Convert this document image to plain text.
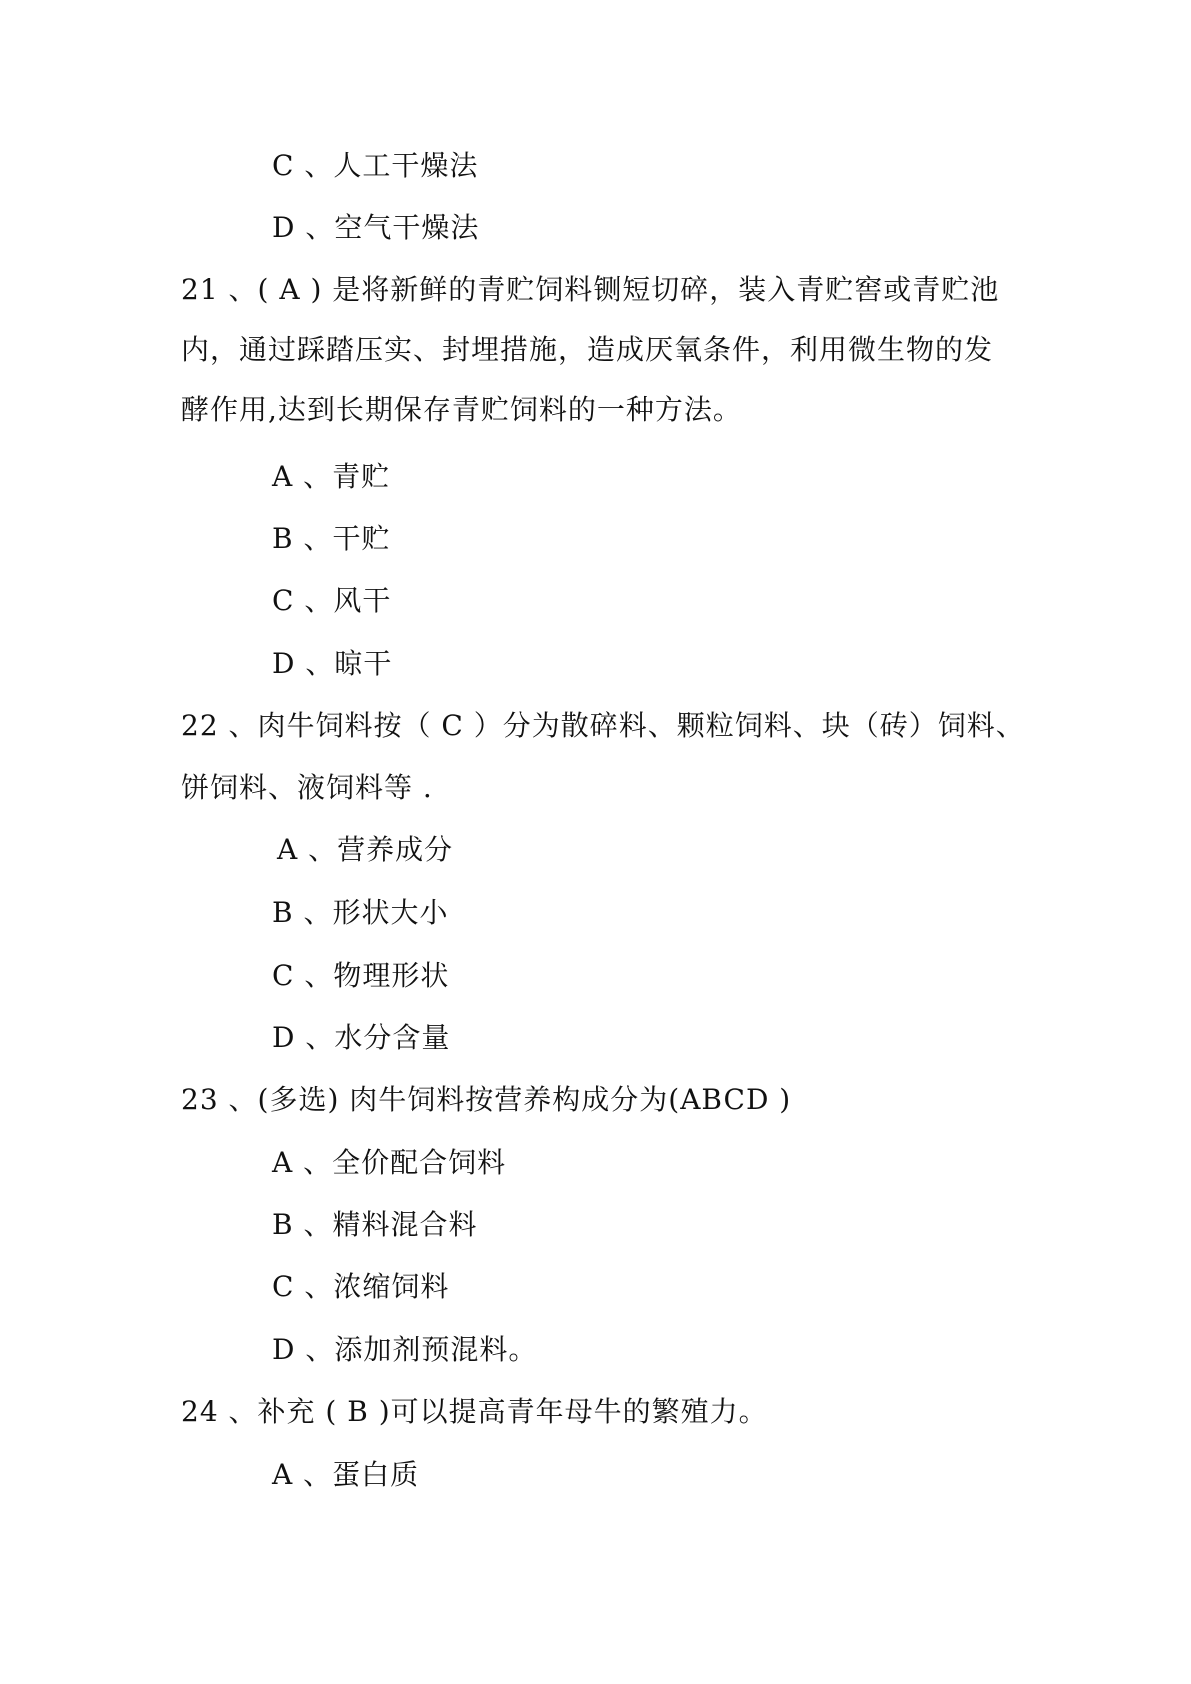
C 、人工干燥法
D 、空气干燥法
21 、( A ) 是将新鲜的青贮饲料铡短切碎，装入青贮窖或青贮池
内，通过踩踏压实、封埋措施，造成厌氧条件，利用微生物的发
酵作用,达到长期保存青贮饲料的一种方法。
A 、青贮
B 、干贮
C 、风干
D 、晾干
22 、肉牛饲料按（ C ）分为散碎料、颗粒饲料、块（砖）饲料、
饼饲料、液饲料等 .
A 、营养成分
B 、形状大小
C 、物理形状
D 、水分含量
23 、(多选) 肉牛饲料按营养构成分为(ABCD )
A 、全价配合饲料
B 、精料混合料
C 、浓缩饲料
D 、添加剂预混料。
24 、补充 ( B )可以提高青年母牛的繁殖力。
A 、蛋白质
